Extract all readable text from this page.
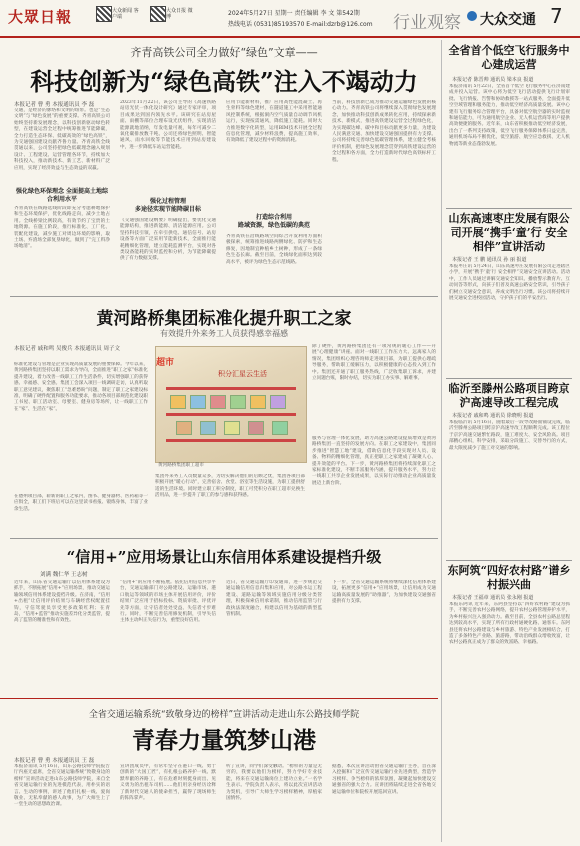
大眾日報	大众新闻 客户端
大众日报 微博	2024年5月27日 星期一 责任编辑 李 文 第542期
热线电话 (0531)85193570 E-mail:dzrb@126.com 行业观察 大众交通 7
齐青高铁公司全力做好“绿色”文章——
科技创新为“绿色高铁”注入不竭动力
本报记者 曹 勇 本报通讯员 李 磊
交通，是经济的脉络和文明的纽带。也是“生态文明”与“绿色发展”的重要支撑。齐青高铁公司始终坚持新发展理念，以科技创新驱动绿色转型，在建设运营全过程中统筹推进节能降碳，全力打造生态环保、低碳高效的“绿色高铁”，为交通强国建设贡献齐鲁力量。齐青高铁全线贯通以来，公司坚持把绿色低碳理念融入规划设计、工程建设、运营管理各环节，持续加大科技投入，推动新技术、新工艺、新材料广泛应用，实现了经济效益与生态效益的双赢。
强化绿色环保理念 全面提高土地综合利用水平
齐青高铁在线路选线阶段即充分考虑耕地保护和生态环境保护，优化线路走向，减少土地占用。全线桥梁比例较高，有效节约了宝贵的土地资源。在施工阶段，推行标准化、工厂化、装配化建设，减少施工对周边环境的影响，取土场、弃渣场全部复垦绿化，做到了“完工料净场地清”。
2023年11月22日，该公司主导的《高速铁路站房光伏一体化设计研究》通过专家评审，项目成果达到国内领先水平。该研究在站房屋面、雨棚等部位合理布设光伏组件，实现清洁能源就地消纳，年发电量可观，每年可减少二氧化碳排放数千吨。公司还将绿色照明、智能通风、雨水回收等节能技术应用到站房建设中，进一步降低车站运营能耗。
强化过程管理
多途径实现节能降碳目标
《交通强国建设纲要》明确提出，要优化交通能源结构，推进新能源、清洁能源应用。公司坚持科技引领，在牵引供电、通信信号、站房设备等方面广泛采用节能新技术，全面推行能耗精细化管理，建立能耗监测平台，实现对各类设备能耗的实时监控和分析，为节能降碳提供了有力数据支撑。
应用节能新材料，推广应用高性能混凝土、再生骨料等绿色建材，在隧道施工中采用智能通风控制系统，根据洞内空气质量自动调节风机运行，实现按需通风，降低施工能耗。同时大力推进数字化转型，运用BIM技术开展全过程信息化管理，减少材料浪费，提高施工效率，有效降低了建设过程中的资源消耗。
打造综合利用
路域资源，绿色低碳的典范
齐青高铁在沿线路域空间综合开发利用方面积极探索，统筹推进线路两侧绿化、防护和生态修复，因地制宜种植乡土树种，形成了一条绿色生态长廊。截至目前，全线绿化面积达到较高水平，被评为绿色生态示范线路。
当前，科技创新已成为推动交通运输绿色发展的核心动力。齐青高铁公司将继续深入贯彻绿色发展理念，加快推动科技创新成果转化应用，持续探索新技术、新模式，推进高铁建设运营全过程绿色化，为实现碳达峰、碳中和目标贡献更多力量，为建设人民满意交通、加快建设交通强国提供有力支撑。公司将持续完善绿色低碳管理体系，建立健全考核评价机制，把绿色发展理念贯穿到高铁建设运营的全过程和各方面，全力打造新时代绿色高铁标杆工程。
黄河路桥集团标准化提升职工之家
有效提升外来务工人员获得感幸福感
本报记者 戚和鸣 吴俊兵 本报通讯员 周子文
标准化建设与管理是企业实现高质量发展的重要保障。今年以来，黄河路桥集团坚持以职工需求为导向，全面推进“职工之家”标准化提升建设，着力改善一线职工工作生活条件，切实增强职工的获得感、幸福感、安全感。集团工会深入项目一线调研走访，认真听取职工意见建议，聚焦职工“急难愁盼”问题，制定了职工之家建设标准，明确了硬件配置和服务功能要求，推动各项目部规范化建设职工书屋、职工活动室、母婴室、健身房等场所，让一线职工工作在“家”、生活在“家”。
在德州项目部，崭新的职工之家内，图书、健身器材、医药箱等一应俱全，职工们下班后可以在这里读书看报、锻炼身体，丰富了业余生活。
超市
积分汇星云生活
黄河路桥集团职工超市
集团外来务工人员数量众多，为切实解决他们的后顾之忧，集团各项目部积极开展“暖心行动”，完善宿舍、食堂、浴室等生活设施，为职工提供舒适的生活环境。同时建立职工积分制度，职工可凭积分在职工超市兑换生活用品，进一步提升了职工的参与感和获得感。
除了硬件，黄河路桥集团还有一项常规的暖心工作——开展“心理健康”讲座。面对一线职工工作压力大、远离家人的情况，集团组织心理咨询师走进项目部，为职工提供心理疏导服务，帮助职工缓解压力，以积极健康的心态投入到工作中。集团还开通了职工服务热线，广泛收集职工诉求，并建立问题台账，限时办结，切实为职工办实事、解难事。
服务与管理一体化发展，助力高速公路建设提质增效是黄河路桥集团一直坚持的发展方向。在职工之家建设中，集团同步推进“智慧工地”建设，借助信息化手段实现对人员、设备、物料的精细化管理，真正把职工之家建成了凝聚人心、提升效能的平台。下一步，黄河路桥集团将持续深化职工之家标准化建设，不断丰富服务内涵，提升服务水平，努力让一线职工共享企业发展成果，以实际行动推动企业高质量发展迈上新台阶。
“信用+”应用场景让山东信用体系建设提档升级
刘满 魏仁华 王志树
近年来，山东省交通运输厅以信用体系建设为抓手，不断拓展“信用+”应用场景，推动交通运输领域信用体系建设提档升级。在济南，“信用+出租”让信用评价结果与车辆经营权配置挂钩，守信驾驶员享受更多政策红利；在青岛，“信用+监管”推动实施差异化分类监管，提高了监管的精准性和有效性。
“信用+”的应用不断拓展。依托信用信息共享平台，交通运输部门对公路建设、运输市场、港口航运等领域的市场主体开展信用评价，评价结果广泛应用于招标投标、资质审批、评优评先等方面，让守信者处处受益、失信者寸步难行。同时，不断完善信用修复机制，引导失信主体主动纠正失信行为，重塑良好信用。
近日，省交通运输厅印发通知，进一步规范交通运输信用信息归集和应用，对公路水运工程建设、道路运输等领域实施信用分级分类管理，积极探索信用承诺制，推动信用监管与行政执法深度融合，构建以信用为基础的新型监管机制。
下一步，全省交通运输系统将继续深化信用体系建设，拓展更多“信用+”应用场景，让信用成为交通运输高质量发展的“助推器”，为加快建设交通强省提供有力支撑。
全省交通运输系统“致敬身边的榜样”宣讲活动走进山东公路技师学院
青春力量筑梦山港
本报记者 曹 勇 本报通讯员 王 磊
本报济南讯 5月16日，山东公路技师学院报告厅内座无虚席，全省交通运输系统“致敬身边的榜样”宣讲活动走进山东公路技师学院，来自全省交通运输行业的先进模范代表，用朴实的语言、生动的事例，讲述了他们扎根一线、爱岗敬业、无私奉献的感人故事，为广大师生上了一堂生动的思想政治课。
宣讲团成员中，有常年坚守在港口一线、勇于创新的“大国工匠”，有扎根公路养护一线、默默奉献的养路工，有在危难时刻挺身而出、见义勇为的出租车司机……他们用亲身经历诠释了新时代交通人的使命担当，赢得了现场师生的阵阵掌声。
听了宣讲，同学们深受触动。“榜样的力量是无穷的，我要以他们为榜样，努力学好专业技能，将来在交通运输岗位上建功立业。”一名学生表示。学院负责人表示，将以此次宣讲活动为契机，引导广大师生学习榜样精神，厚植家国情怀。
据悉，本次宣讲活动由省交通运输厅主办，旨在深入挖掘和广泛宣传交通运输行业先进典型，营造学习榜样、争当榜样的浓厚氛围，凝聚起加快建设交通强省的强大合力。宣讲团将陆续走进全省各地交通运输单位和院校开展巡回宣讲。
全省首个低空飞行服务中心建成运营
本报记者 陈晋帅 通讯员 梁本良 报道
本报济南讯 5月22日，全省首个低空飞行服务中心在济南建成并投入运营。该中心将为低空飞行活动提供飞行计划审批、飞行情报、告警和协助救援等一站式服务，全面提升低空空域管理和服务能力，推动低空经济高质量发展。该中心建有飞行服务综合管理平台，具备对低空航空器的实时监视和通信能力，可为通用航空企业、无人机运营商等用户提供高效便捷的服务。近年来，山东省积极推动低空经济发展，出台了一系列支持政策，低空飞行服务保障体系日益完善，通用机场布局不断优化，低空旅游、航空应急救援、无人机物流等新业态蓬勃发展。
山东高速枣庄发展有限公司开展“携手‘童’行 安全相伴”宣讲活动
本报记者 王 鹏 通讯员 孙 丽 报道
本报枣庄讯 5月24日，山东高速枣庄发展有限公司走进辖区小学，开展“携手‘童’行 安全相伴”交通安全宣讲活动。活动中，工作人员通过讲解交通安全知识、播放警示教育片、互动问答等形式，向孩子们普及高速公路安全常识，引导孩子们树立交通安全意识，养成文明出行习惯。该公司将持续开展交通安全进校园活动，守护孩子们的平安出行。
临沂至滕州公路项目跨京沪高速导改工程完成
本报记者 戚和鸣 通讯员 徐晓明 报道
本报临沂讯 5月16日，随着最后一段导改路面铺设完成，临沂至滕州公路项目跨京沪高速导改工程顺利完成。该工程位于京沪高速交通繁忙路段，施工难度大、安全风险高。项目部精心组织，科学安排，采取分段施工、交替导行的方式，最大限度减少了施工对交通的影响。
东阿筑“四好农村路”谱乡村振兴曲
本报记者 王福章 通讯员 张永刚 报道
本报东阿讯 近年来，东阿县坚持以“四好农村路”建设为抓手，不断完善农村公路网络，提升农村公路管理养护水平，为乡村振兴注入强劲动力。截至目前，全县农村公路总里程达到较高水平，实现了所有行政村通硬化路、通客车。东阿县还将农村公路建设与乡村旅游、特色产业发展相结合，打造了多条特色产业路、旅游路，带动沿线群众增收致富，让农村公路真正成为了群众的致富路、幸福路。
